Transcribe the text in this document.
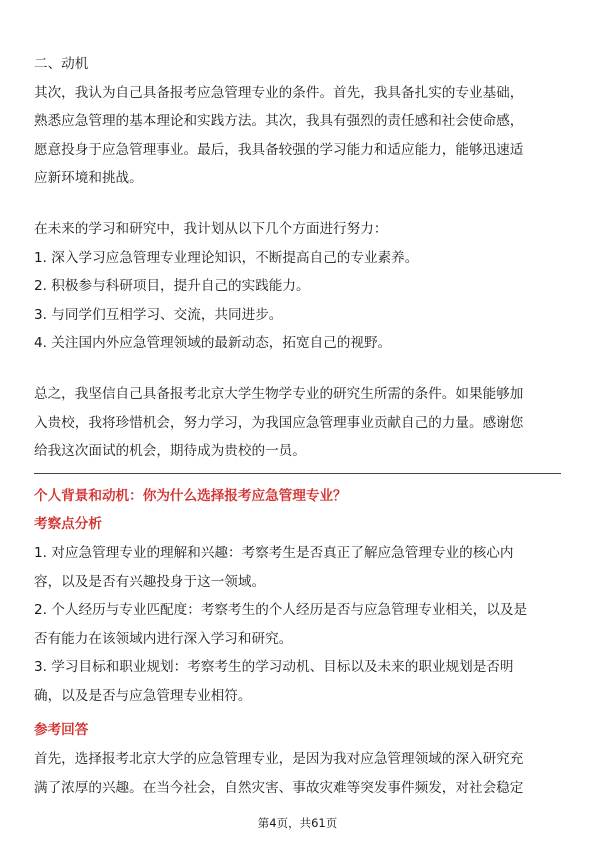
二、动机

其次，我认为自己具备报考应急管理专业的条件。首先，我具备扎实的专业基础，

熟悉应急管理的基本理论和实践方法。其次，我具有强烈的责任感和社会使命感，

愿意投身于应急管理事业。最后，我具备较强的学习能力和适应能力，能够迅速适

应新环境和挑战。

在未来的学习和研究中，我计划从以下几个方面进行努力：

1. 深入学习应急管理专业理论知识，不断提高自己的专业素养。

2. 积极参与科研项目，提升自己的实践能力。

3. 与同学们互相学习、交流，共同进步。

4. 关注国内外应急管理领域的最新动态，拓宽自己的视野。

总之，我坚信自己具备报考北京大学生物学专业的研究生所需的条件。如果能够加

入贵校，我将珍惜机会，努力学习，为我国应急管理事业贡献自己的力量。感谢您

给我这次面试的机会，期待成为贵校的一员。

个人背景和动机：你为什么选择报考应急管理专业？

考察点分析

1. 对应急管理专业的理解和兴趣：考察考生是否真正了解应急管理专业的核心内

容，以及是否有兴趣投身于这一领域。

2. 个人经历与专业匹配度：考察考生的个人经历是否与应急管理专业相关，以及是

否有能力在该领域内进行深入学习和研究。

3. 学习目标和职业规划：考察考生的学习动机、目标以及未来的职业规划是否明

确，以及是否与应急管理专业相符。

参考回答

首先，选择报考北京大学的应急管理专业，是因为我对应急管理领域的深入研究充

满了浓厚的兴趣。在当今社会，自然灾害、事故灾难等突发事件频发，对社会稳定

第4页，共61页
